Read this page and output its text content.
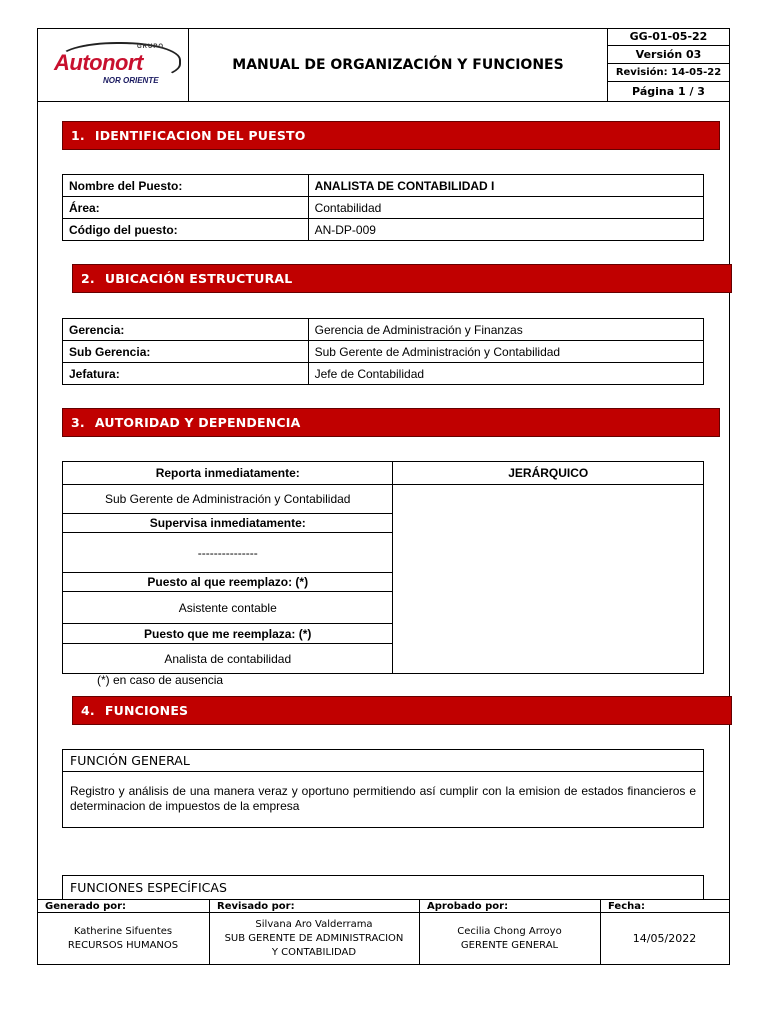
GRUPO
Autonort
NOR ORIENTE
MANUAL DE ORGANIZACIÓN Y FUNCIONES
GG-01-05-22
Versión 03
Revisión: 14-05-22
Página 1 / 3
1. IDENTIFICACION DEL PUESTO
Nombre del Puesto:	ANALISTA DE CONTABILIDAD I
Área:	Contabilidad
Código del puesto:	AN-DP-009
2. UBICACIÓN ESTRUCTURAL
Gerencia:	Gerencia de Administración y Finanzas
Sub Gerencia:	Sub Gerente de Administración y Contabilidad
Jefatura:	Jefe de Contabilidad
3. AUTORIDAD Y DEPENDENCIA
Reporta inmediatamente:	JERÁRQUICO
Sub Gerente de Administración y Contabilidad	
Supervisa inmediatamente:	
---------------	
Puesto al que reemplazo: (*)	
Asistente contable	
Puesto que me reemplaza: (*)	
Analista de contabilidad	
(*) en caso de ausencia
4. FUNCIONES
FUNCIÓN GENERAL
Registro y análisis de una manera veraz y oportuno permitiendo así cumplir con la emision de estados financieros e determinacion de impuestos de la empresa
FUNCIONES ESPECÍFICAS
Generado por:
Katherine Sifuentes
RECURSOS HUMANOS
Revisado por:
Silvana Aro Valderrama
SUB GERENTE DE ADMINISTRACION
Y CONTABILIDAD
Aprobado por:
Cecilia Chong Arroyo
GERENTE GENERAL
Fecha:
14/05/2022
